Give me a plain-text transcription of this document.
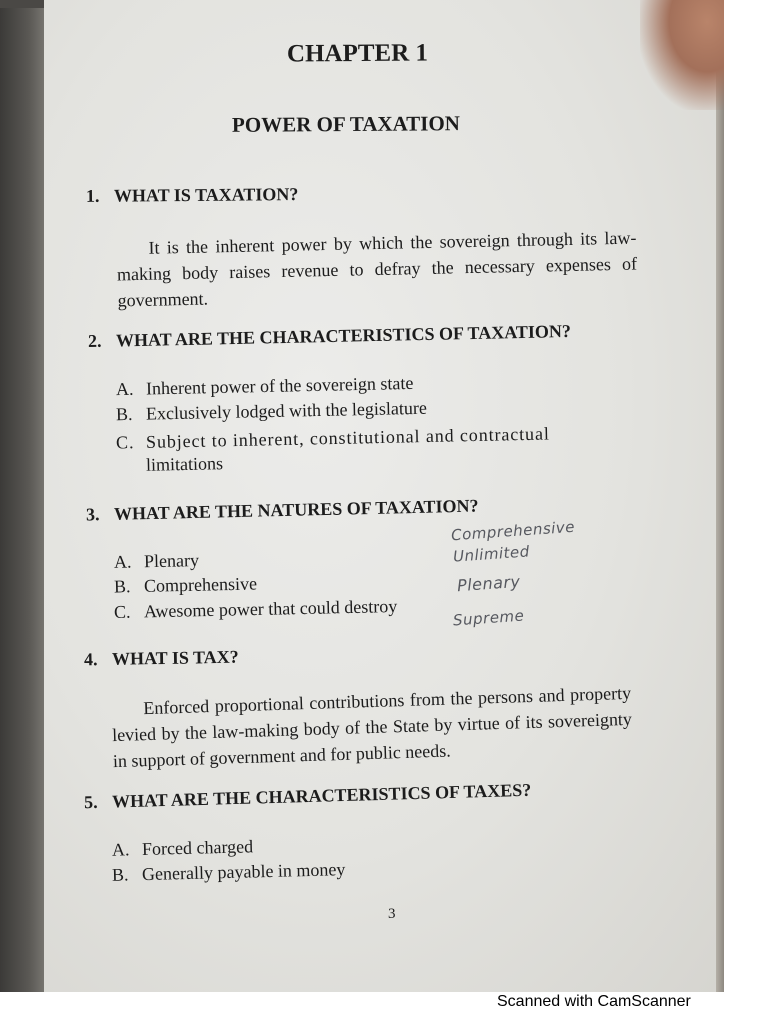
CHAPTER 1
POWER OF TAXATION
1. WHAT IS TAXATION?
It is the inherent power by which the sovereign through its law-making body raises revenue to defray the necessary expenses of government.
2. WHAT ARE THE CHARACTERISTICS OF TAXATION?
A. Inherent power of the sovereign state
B. Exclusively lodged with the legislature
C. Subject to inherent, constitutional and contractual
limitations
3. WHAT ARE THE NATURES OF TAXATION?
A. Plenary
B. Comprehensive
C. Awesome power that could destroy
Comprehensive
Unlimited
Plenary
Supreme
4. WHAT IS TAX?
Enforced proportional contributions from the persons and property levied by the law-making body of the State by virtue of its sovereignty in support of government and for public needs.
5. WHAT ARE THE CHARACTERISTICS OF TAXES?
A. Forced charged
B. Generally payable in money
3
Scanned with CamScanner
